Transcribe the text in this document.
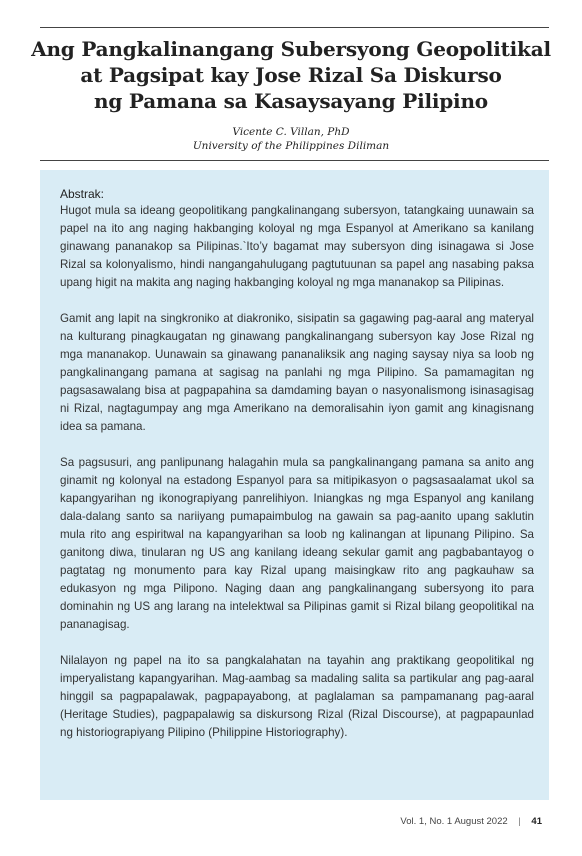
Ang Pangkalinangang Subersyong Geopolitikal
at Pagsipat kay Jose Rizal Sa Diskurso
ng Pamana sa Kasaysayang Pilipino
Vicente C. Villan, PhD
University of the Philippines Diliman
Abstrak:

Hugot mula sa ideang geopolitikang pangkalinangang subersyon, tatangkaing uunawain sa papel na ito ang naging hakbanging koloyal ng mga Espanyol at Amerikano sa kanilang ginawang pananakop sa Pilipinas.`Ito’y bagamat may subersyon ding isinagawa si Jose Rizal sa kolonyalismo, hindi nangangahulugang pagtutuunan sa papel ang nasabing paksa upang higit na makita ang naging hakbanging koloyal ng mga mananakop sa Pilipinas.

Gamit ang lapit na singkroniko at diakroniko, sisipatin sa gagawing pag-aaral ang materyal na kulturang pinagkaugatan ng ginawang pangkalinangang subersyon kay Jose Rizal ng mga mananakop. Uunawain sa ginawang pananaliksik ang naging saysay niya sa loob ng pangkalinangang pamana at sagisag na panlahi ng mga Pilipino. Sa pamamagitan ng pagsasawalang bisa at pagpapahina sa damdaming bayan o nasyonalismong isinasagisag ni Rizal, nagtagumpay ang mga Amerikano na demoralisahin iyon gamit ang kinagisnang idea sa pamana.

Sa pagsusuri, ang panlipunang halagahin mula sa pangkalinangang pamana sa anito ang ginamit ng kolonyal na estadong Espanyol para sa mitipikasyon o pagsasaalamat ukol sa kapangyarihan ng ikonograpiyang panrelihiyon. Iniangkas ng mga Espanyol ang kanilang dala-dalang santo sa nariiyang pumapaimbulog na gawain sa pag-aanito upang saklutin mula rito ang espiritwal na kapangyarihan sa loob ng kalinangan at lipunang Pilipino. Sa ganitong diwa, tinularan ng US ang kanilang ideang sekular gamit ang pagbabantayog o pagtatag ng monumento para kay Rizal upang maisingkaw rito ang pagkauhaw sa edukasyon ng mga Pilipono. Naging daan ang pangkalinangang subersyong ito para dominahin ng US ang larang na intelektwal sa Pilipinas gamit si Rizal bilang geopolitikal na pananagisag.

Nilalayon ng papel na ito sa pangkalahatan na tayahin ang praktikang geopolitikal ng imperyalistang kapangyarihan. Mag-aambag sa madaling salita sa partikular ang pag-aaral hinggil sa pagpapalawak, pagpapayabong, at paglalaman sa pampamanang pag-aaral (Heritage Studies), pagpapalawig sa diskursong Rizal (Rizal Discourse), at pagpapaunlad ng historiograpiyang Pilipino (Philippine Historiography).

Vol. 1, No. 1 August 2022 | 41
